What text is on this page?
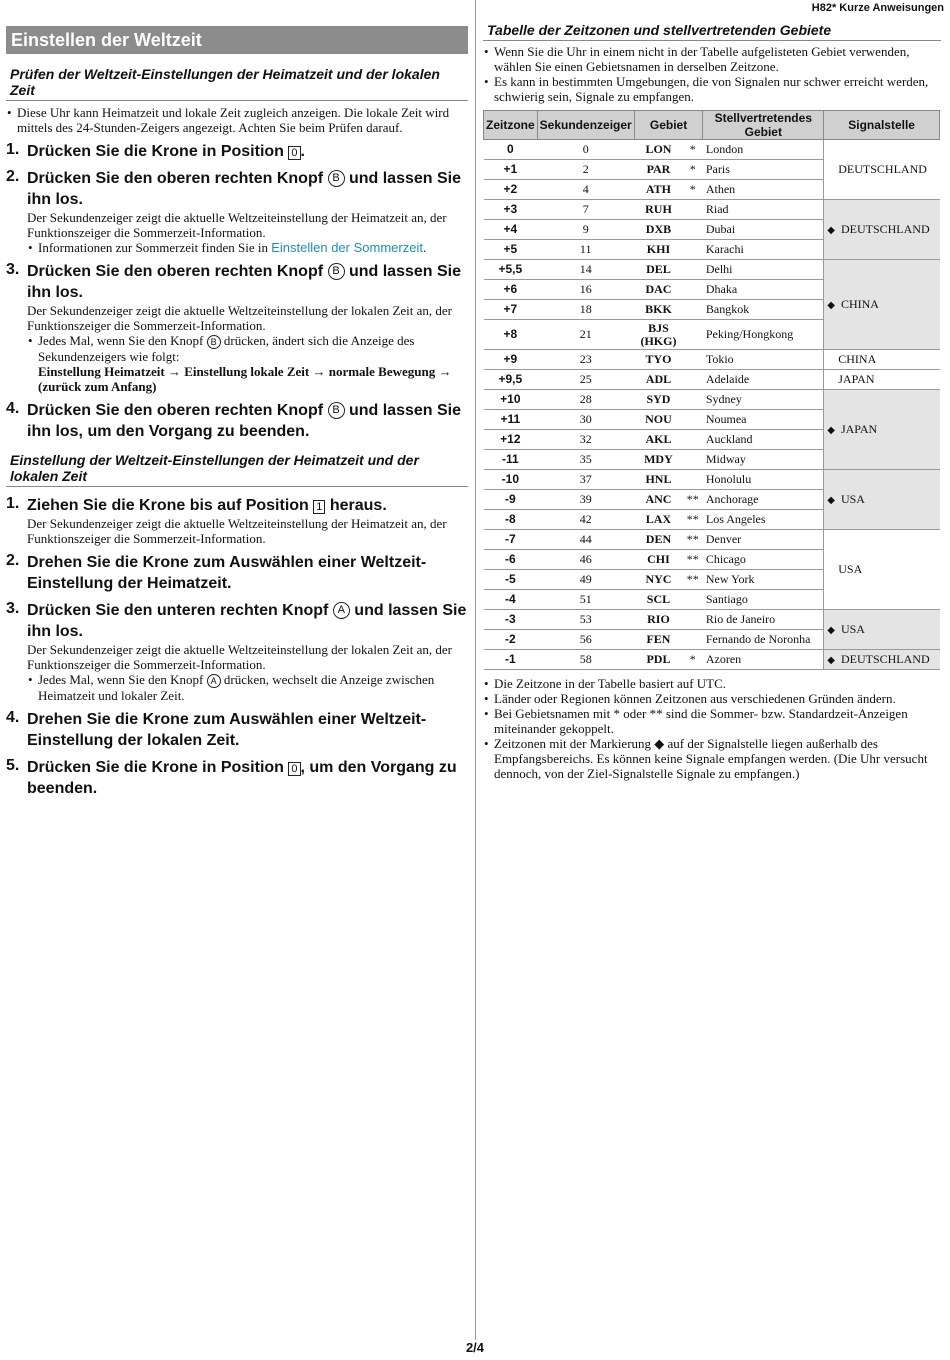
H82* Kurze Anweisungen
Einstellen der Weltzeit
Prüfen der Weltzeit-Einstellungen der Heimatzeit und der lokalen Zeit
• Diese Uhr kann Heimatzeit und lokale Zeit zugleich anzeigen. Die lokale Zeit wird mittels des 24-Stunden-Zeigers angezeigt. Achten Sie beim Prüfen darauf.
1. Drücken Sie die Krone in Position 0 .
2. Drücken Sie den oberen rechten Knopf B und lassen Sie ihn los.
Der Sekundenzeiger zeigt die aktuelle Weltzeiteinstellung der Heimatzeit an, der Funktionszeiger die Sommerzeit-Information.
• Informationen zur Sommerzeit finden Sie in Einstellen der Sommerzeit.
3. Drücken Sie den oberen rechten Knopf B und lassen Sie ihn los.
Der Sekundenzeiger zeigt die aktuelle Weltzeiteinstellung der lokalen Zeit an, der Funktionszeiger die Sommerzeit-Information.
• Jedes Mal, wenn Sie den Knopf B drücken, ändert sich die Anzeige des Sekundenzeigers wie folgt:
Einstellung Heimatzeit → Einstellung lokale Zeit → normale Bewegung → (zurück zum Anfang)
4. Drücken Sie den oberen rechten Knopf B und lassen Sie ihn los, um den Vorgang zu beenden.
Einstellung der Weltzeit-Einstellungen der Heimatzeit und der lokalen Zeit
1. Ziehen Sie die Krone bis auf Position 1 heraus.
Der Sekundenzeiger zeigt die aktuelle Weltzeiteinstellung der Heimatzeit an, der Funktionszeiger die Sommerzeit-Information.
2. Drehen Sie die Krone zum Auswählen einer Weltzeit-Einstellung der Heimatzeit.
3. Drücken Sie den unteren rechten Knopf A und lassen Sie ihn los.
Der Sekundenzeiger zeigt die aktuelle Weltzeiteinstellung der lokalen Zeit an, der Funktionszeiger die Sommerzeit-Information.
• Jedes Mal, wenn Sie den Knopf A drücken, wechselt die Anzeige zwischen Heimatzeit und lokaler Zeit.
4. Drehen Sie die Krone zum Auswählen einer Weltzeit-Einstellung der lokalen Zeit.
5. Drücken Sie die Krone in Position 0 , um den Vorgang zu beenden.
Tabelle der Zeitzonen und stellvertretenden Gebiete
• Wenn Sie die Uhr in einem nicht in der Tabelle aufgelisteten Gebiet verwenden, wählen Sie einen Gebietsnamen in derselben Zeitzone.
• Es kann in bestimmten Umgebungen, die von Signalen nur schwer erreicht werden, schwierig sein, Signale zu empfangen.
Zeitzone	Sekundenzeiger	Gebiet		Stellvertretendes Gebiet	Signalstelle
0	0	LON	*	London	DEUTSCHLAND
+1	2	PAR	*	Paris	
+2	4	ATH	*	Athen	
+3	7	RUH		Riad	◆ DEUTSCHLAND
+4	9	DXB		Dubai	
+5	11	KHI		Karachi	
+5,5	14	DEL		Delhi	◆ CHINA
+6	16	DAC		Dhaka	
+7	18	BKK		Bangkok	
+8	21	BJS (HKG)		Peking/Hongkong	
+9	23	TYO		Tokio	CHINA
+9,5	25	ADL		Adelaide	JAPAN
+10	28	SYD		Sydney	◆ JAPAN
+11	30	NOU		Noumea	
+12	32	AKL		Auckland	
-11	35	MDY		Midway	
-10	37	HNL		Honolulu	◆ USA
-9	39	ANC	**	Anchorage	
-8	42	LAX	**	Los Angeles	
-7	44	DEN	**	Denver	USA
-6	46	CHI	**	Chicago	
-5	49	NYC	**	New York	
-4	51	SCL		Santiago	
-3	53	RIO		Rio de Janeiro	◆ USA
-2	56	FEN		Fernando de Noronha	
-1	58	PDL	*	Azoren	◆ DEUTSCHLAND
• Die Zeitzone in der Tabelle basiert auf UTC.
• Länder oder Regionen können Zeitzonen aus verschiedenen Gründen ändern.
• Bei Gebietsnamen mit * oder ** sind die Sommer- bzw. Standardzeit-Anzeigen miteinander gekoppelt.
• Zeitzonen mit der Markierung ◆ auf der Signalstelle liegen außerhalb des Empfangsbereichs. Es können keine Signale empfangen werden. (Die Uhr versucht dennoch, von der Ziel-Signalstelle Signale zu empfangen.)
2/4
